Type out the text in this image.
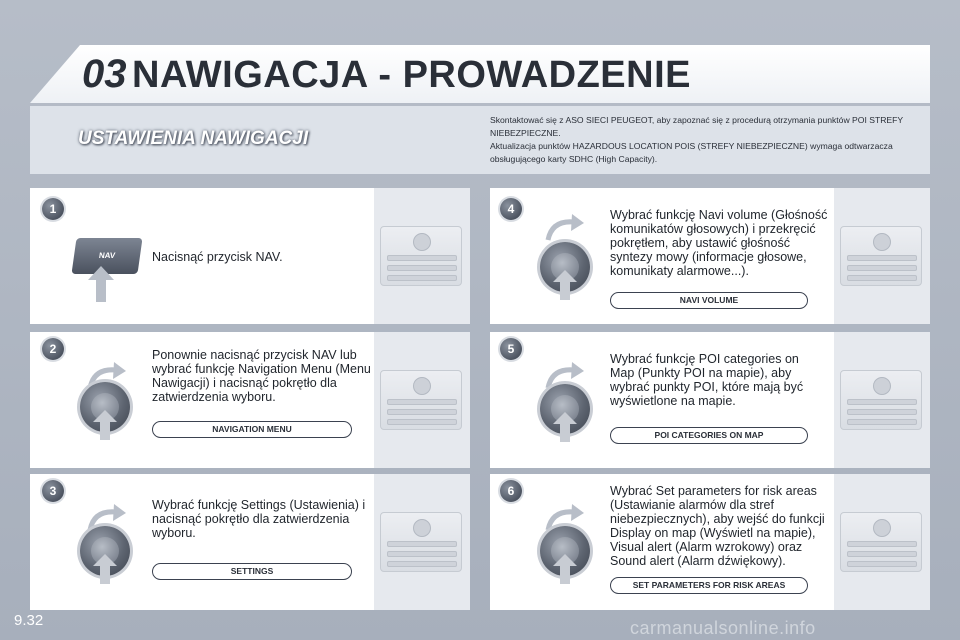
03 NAWIGACJA - PROWADZENIE
USTAWIENIA NAWIGACJI
Skontaktować się z ASO SIECI PEUGEOT, aby zapoznać się z procedurą otrzymania punktów POI STREFY NIEBEZPIECZNE.
Aktualizacja punktów HAZARDOUS LOCATION POIS (STREFY NIEBEZPIECZNE) wymaga odtwarzacza obsługującego karty SDHC (High Capacity).
1
NAV	Nacisnąć przycisk NAV.
2	Ponownie nacisnąć przycisk NAV lub wybrać funkcję Navigation Menu (Menu Nawigacji) i nacisnąć pokrętło dla zatwierdzenia wyboru.
NAVIGATION MENU
3
Wybrać funkcję Settings (Ustawienia) i nacisnąć pokrętło dla zatwierdzenia wyboru.
SETTINGS
4	Wybrać funkcję Navi volume (Głośność komunikatów głosowych) i przekręcić pokrętłem, aby ustawić głośność syntezy mowy (informacje głosowe, komunikaty alarmowe...).
NAVI VOLUME
5
Wybrać funkcję POI categories on Map (Punkty POI na mapie), aby wybrać punkty POI, które mają być wyświetlone na mapie.
POI CATEGORIES ON MAP
6	Wybrać Set parameters for risk areas (Ustawianie alarmów dla stref niebezpiecznych), aby wejść do funkcji Display on map (Wyświetl na mapie), Visual alert (Alarm wzrokowy) oraz Sound alert (Alarm dźwiękowy).
SET PARAMETERS FOR RISK AREAS
9.32	carmanualsonline.info
